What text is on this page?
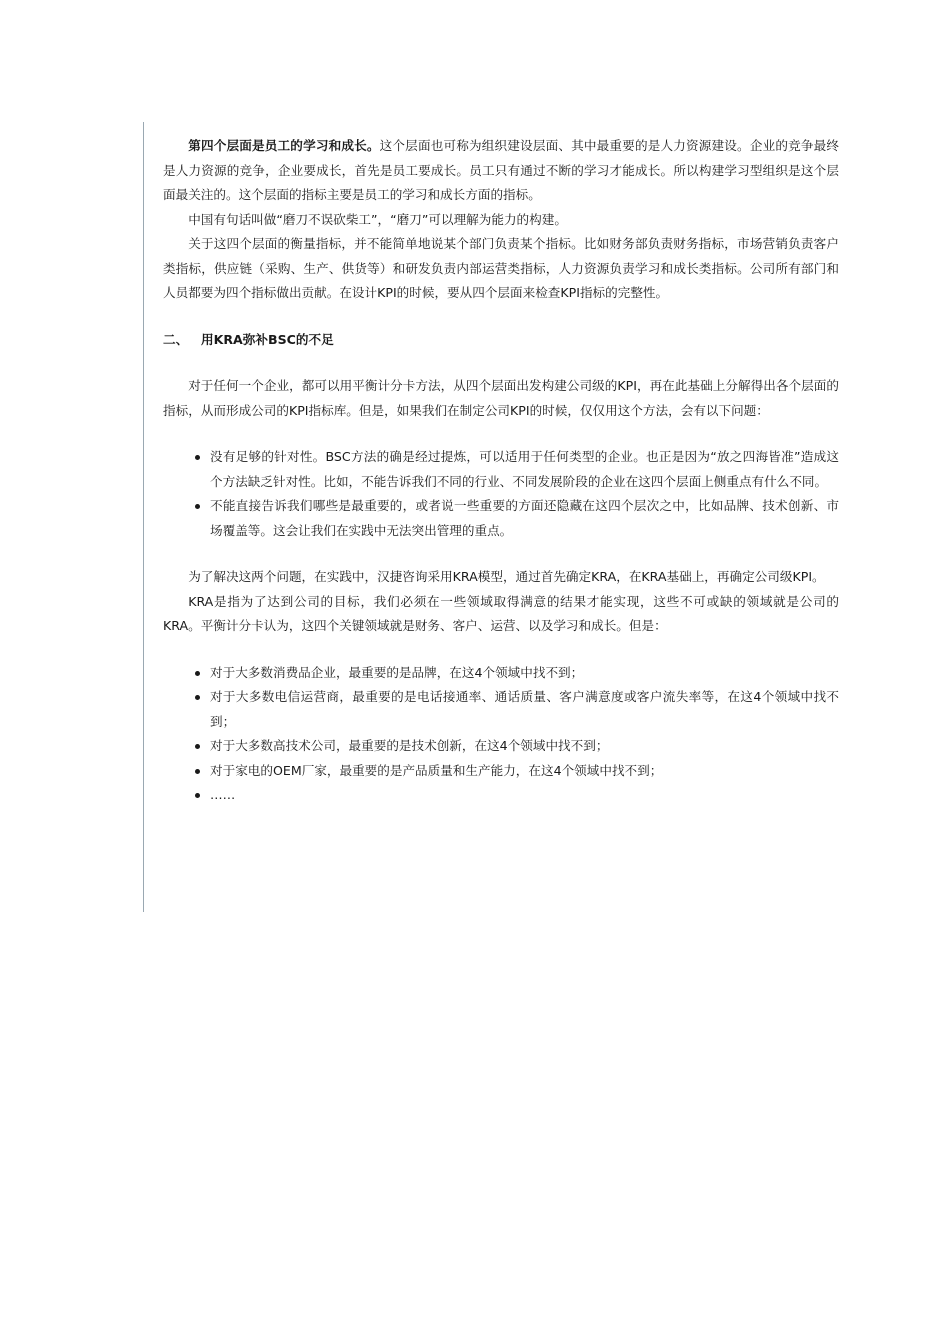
第四个层面是员工的学习和成长。这个层面也可称为组织建设层面、其中最重要的是人力资源建设。企业的竞争最终是人力资源的竞争，企业要成长，首先是员工要成长。员工只有通过不断的学习才能成长。所以构建学习型组织是这个层面最关注的。这个层面的指标主要是员工的学习和成长方面的指标。

中国有句话叫做“磨刀不误砍柴工”，“磨刀”可以理解为能力的构建。

关于这四个层面的衡量指标，并不能简单地说某个部门负责某个指标。比如财务部负责财务指标，市场营销负责客户类指标，供应链（采购、生产、供货等）和研发负责内部运营类指标，人力资源负责学习和成长类指标。公司所有部门和人员都要为四个指标做出贡献。在设计KPI的时候，要从四个层面来检查KPI指标的完整性。

二、 用KRA弥补BSC的不足

对于任何一个企业，都可以用平衡计分卡方法，从四个层面出发构建公司级的KPI，再在此基础上分解得出各个层面的指标，从而形成公司的KPI指标库。但是，如果我们在制定公司KPI的时候，仅仅用这个方法，会有以下问题：

没有足够的针对性。BSC方法的确是经过提炼，可以适用于任何类型的企业。也正是因为“放之四海皆准”造成这个方法缺乏针对性。比如，不能告诉我们不同的行业、不同发展阶段的企业在这四个层面上侧重点有什么不同。
不能直接告诉我们哪些是最重要的，或者说一些重要的方面还隐藏在这四个层次之中，比如品牌、技术创新、市场覆盖等。这会让我们在实践中无法突出管理的重点。

为了解决这两个问题，在实践中，汉捷咨询采用KRA模型，通过首先确定KRA，在KRA基础上，再确定公司级KPI。

KRA是指为了达到公司的目标，我们必须在一些领域取得满意的结果才能实现，这些不可或缺的领域就是公司的KRA。平衡计分卡认为，这四个关键领域就是财务、客户、运营、以及学习和成长。但是：

对于大多数消费品企业，最重要的是品牌，在这4个领域中找不到；
对于大多数电信运营商，最重要的是电话接通率、通话质量、客户满意度或客户流失率等，在这4个领域中找不到；
对于大多数高技术公司，最重要的是技术创新，在这4个领域中找不到；
对于家电的OEM厂家，最重要的是产品质量和生产能力，在这4个领域中找不到；
……
